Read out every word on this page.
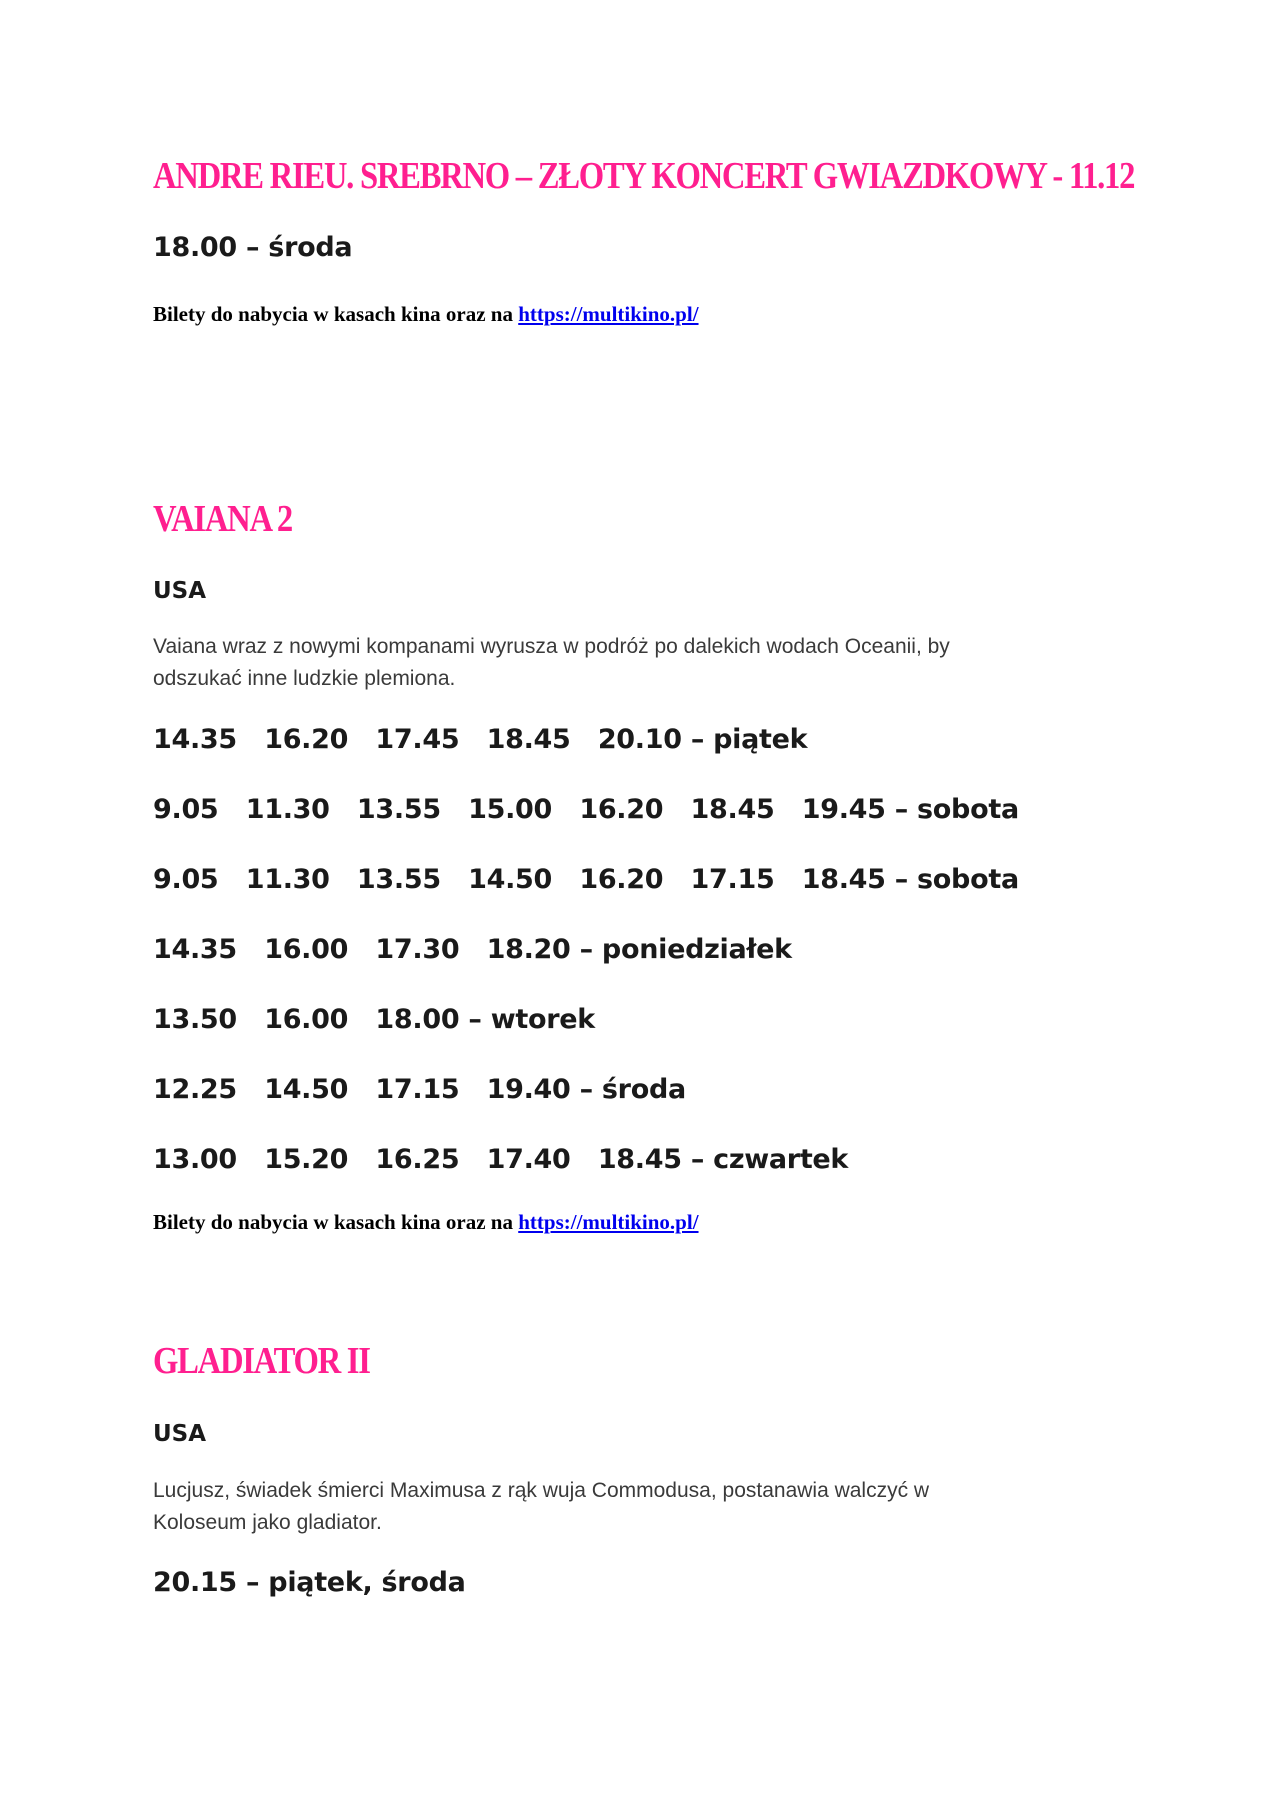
ANDRE RIEU. SREBRNO – ZŁOTY KONCERT GWIAZDKOWY - 11.12
18.00 – środa
Bilety do nabycia w kasach kina oraz na https://multikino.pl/
VAIANA 2
USA
Vaiana wraz z nowymi kompanami wyrusza w podróż po dalekich wodach Oceanii, by
odszukać inne ludzkie plemiona.
14.35   16.20   17.45   18.45   20.10 – piątek
9.05   11.30   13.55   15.00   16.20   18.45   19.45 – sobota
9.05   11.30   13.55   14.50   16.20   17.15   18.45 – sobota
14.35   16.00   17.30   18.20 – poniedziałek
13.50   16.00   18.00 – wtorek
12.25   14.50   17.15   19.40 – środa
13.00   15.20   16.25   17.40   18.45 – czwartek
Bilety do nabycia w kasach kina oraz na https://multikino.pl/
GLADIATOR II
USA
Lucjusz, świadek śmierci Maximusa z rąk wuja Commodusa, postanawia walczyć w
Koloseum jako gladiator.
20.15 – piątek, środa
